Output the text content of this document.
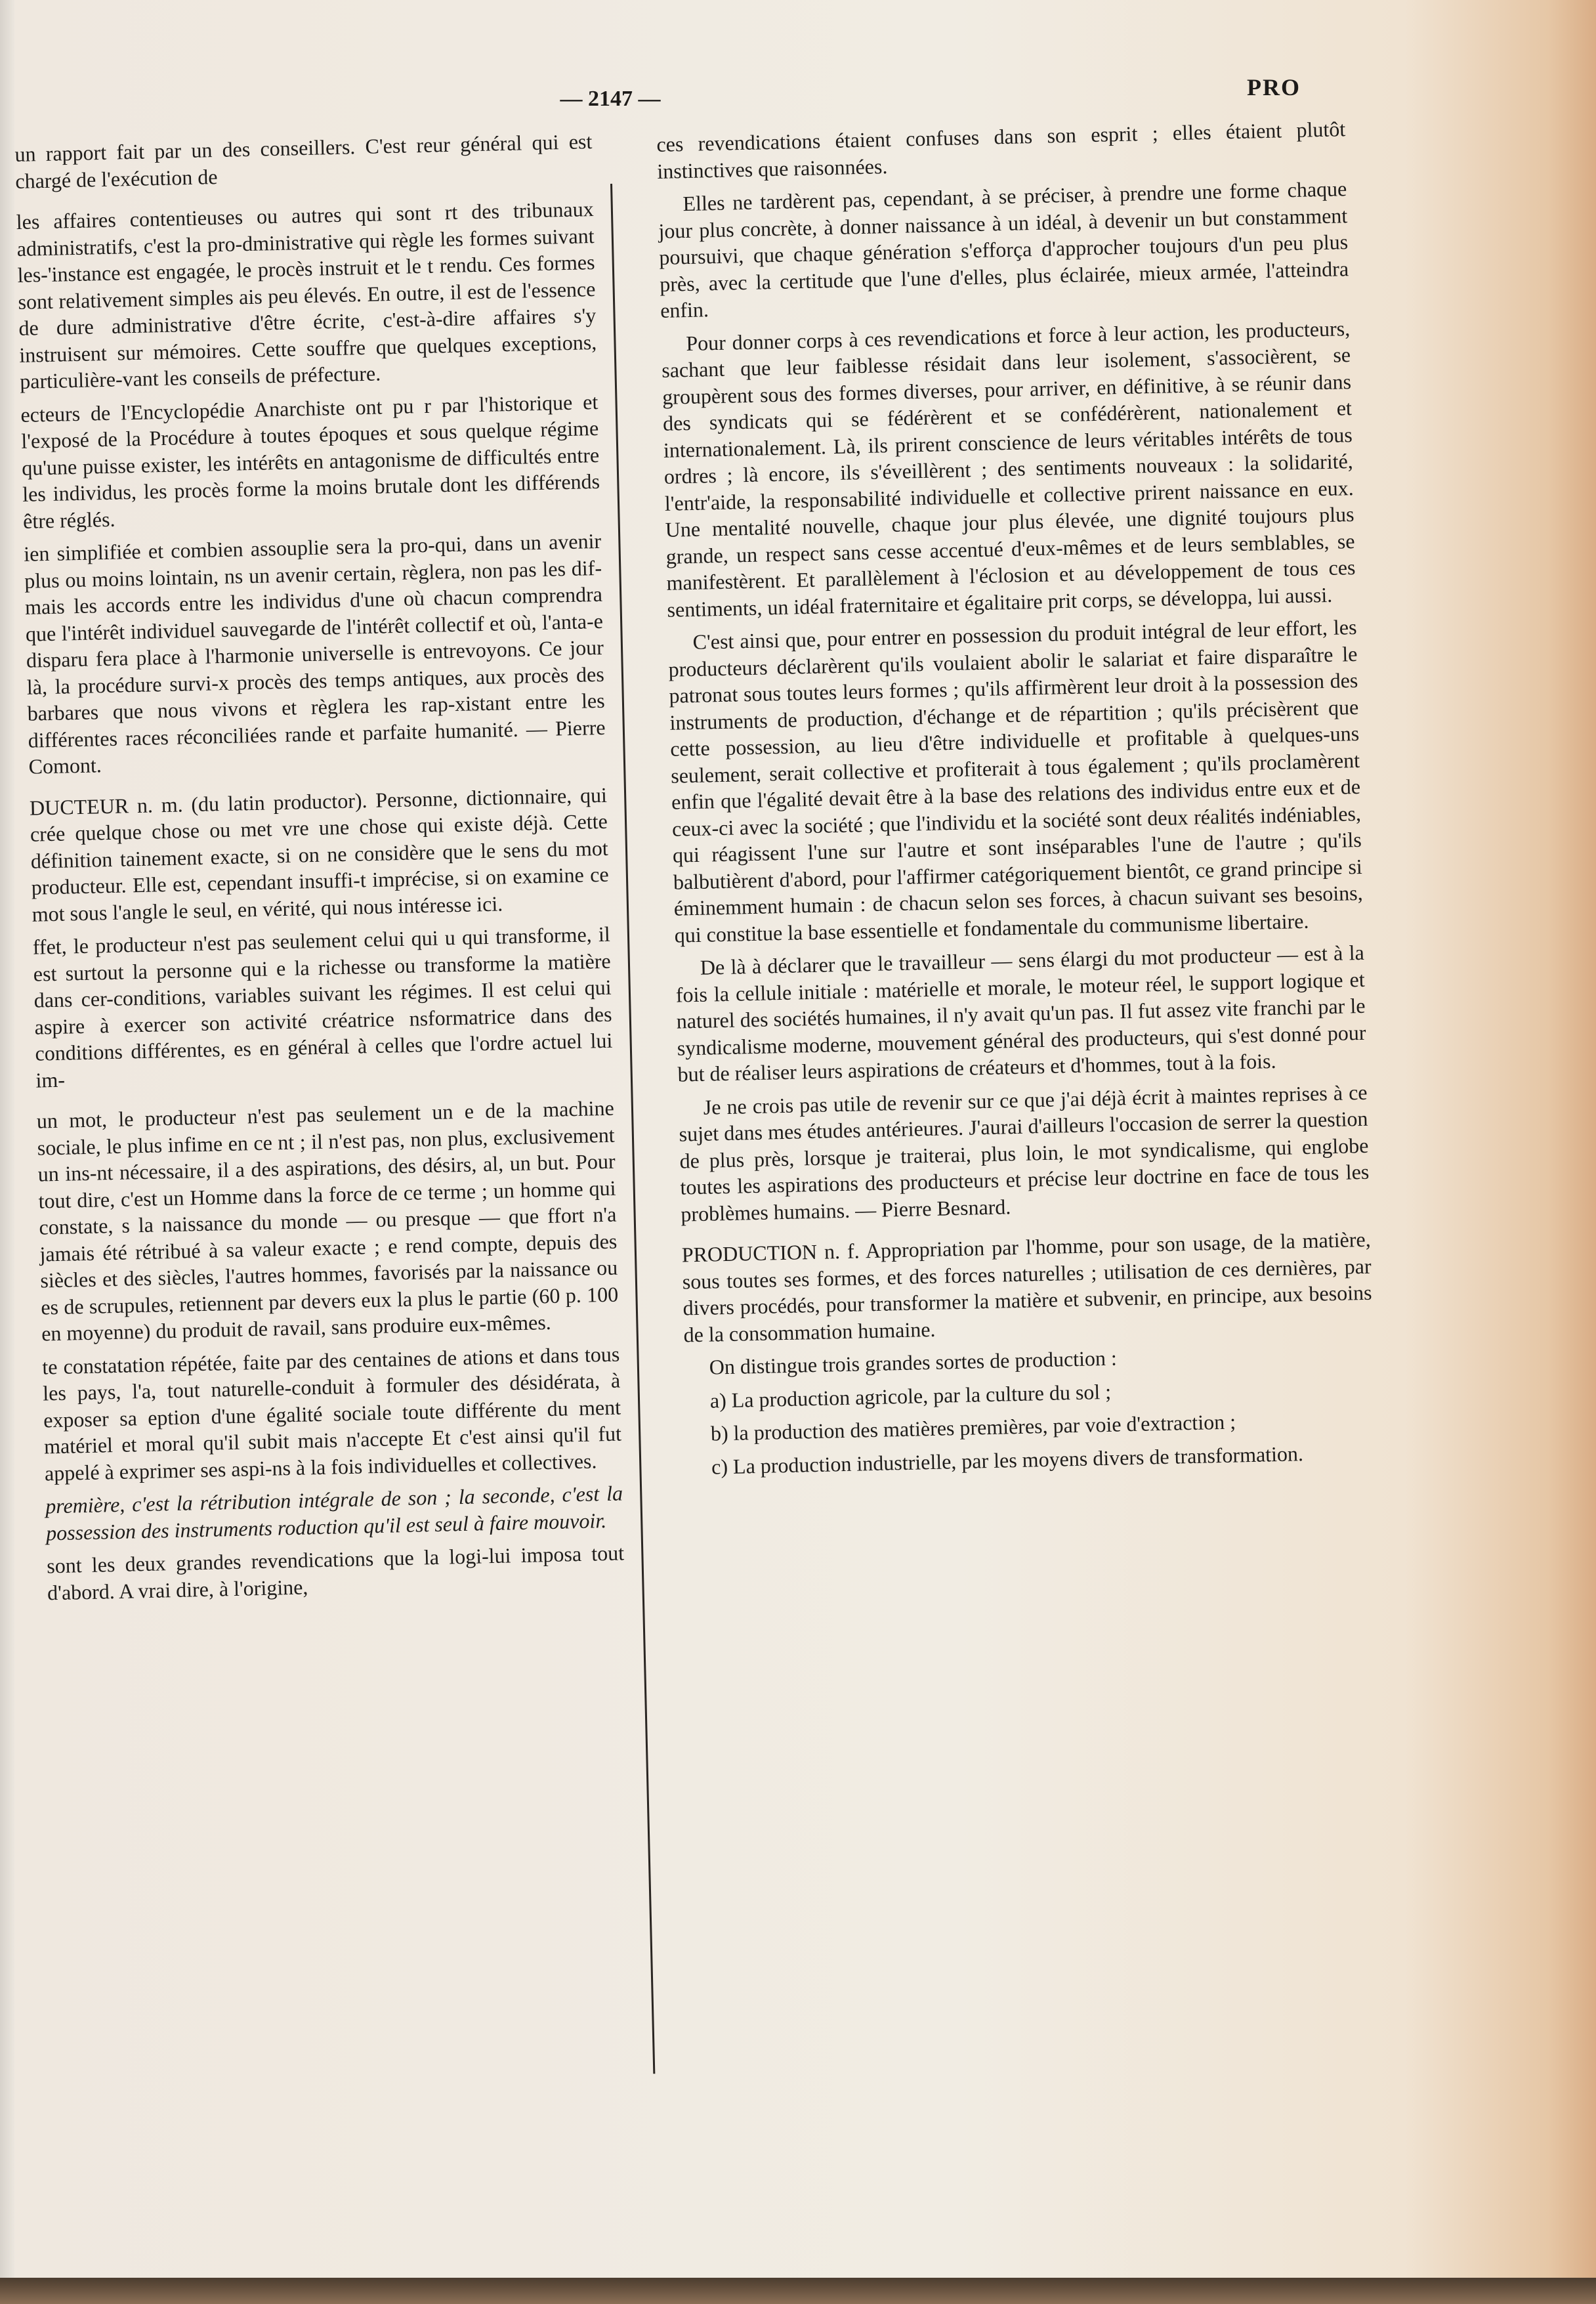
— 2147 —	PRO

un rapport fait par un des conseillers. C'est reur général qui est chargé de l'exécution de

les affaires contentieuses ou autres qui sont rt des tribunaux administratifs, c'est la pro-dministrative qui règle les formes suivant les-'instance est engagée, le procès instruit et le t rendu. Ces formes sont relativement simples ais peu élevés. En outre, il est de l'essence de dure administrative d'être écrite, c'est-à-dire affaires s'y instruisent sur mémoires. Cette souffre que quelques exceptions, particulière-vant les conseils de préfecture.

ecteurs de l'Encyclopédie Anarchiste ont pu r par l'historique et l'exposé de la Procédure à toutes époques et sous quelque régime qu'une puisse exister, les intérêts en antagonisme de difficultés entre les individus, les procès forme la moins brutale dont les différends être réglés.

ien simplifiée et combien assouplie sera la pro-qui, dans un avenir plus ou moins lointain, ns un avenir certain, règlera, non pas les dif-mais les accords entre les individus d'une où chacun comprendra que l'intérêt individuel sauvegarde de l'intérêt collectif et où, l'anta-e disparu fera place à l'harmonie universelle is entrevoyons. Ce jour là, la procédure survi-x procès des temps antiques, aux procès des barbares que nous vivons et règlera les rap-xistant entre les différentes races réconciliées rande et parfaite humanité. — Pierre Comont.

DUCTEUR n. m. (du latin productor). Personne, dictionnaire, qui crée quelque chose ou met vre une chose qui existe déjà. Cette définition tainement exacte, si on ne considère que le sens du mot producteur. Elle est, cependant insuffi-t imprécise, si on examine ce mot sous l'angle le seul, en vérité, qui nous intéresse ici.

ffet, le producteur n'est pas seulement celui qui u qui transforme, il est surtout la personne qui e la richesse ou transforme la matière dans cer-conditions, variables suivant les régimes. Il est celui qui aspire à exercer son activité créatrice nsformatrice dans des conditions différentes, es en général à celles que l'ordre actuel lui im-

un mot, le producteur n'est pas seulement un e de la machine sociale, le plus infime en ce nt ; il n'est pas, non plus, exclusivement un ins-nt nécessaire, il a des aspirations, des désirs, al, un but. Pour tout dire, c'est un Homme dans la force de ce terme ; un homme qui constate, s la naissance du monde — ou presque — que ffort n'a jamais été rétribué à sa valeur exacte ; e rend compte, depuis des siècles et des siècles, l'autres hommes, favorisés par la naissance ou es de scrupules, retiennent par devers eux la plus le partie (60 p. 100 en moyenne) du produit de ravail, sans produire eux-mêmes.

te constatation répétée, faite par des centaines de ations et dans tous les pays, l'a, tout naturelle-conduit à formuler des désidérata, à exposer sa eption d'une égalité sociale toute différente du ment matériel et moral qu'il subit mais n'accepte Et c'est ainsi qu'il fut appelé à exprimer ses aspi-ns à la fois individuelles et collectives.

première, c'est la rétribution intégrale de son ; la seconde, c'est la possession des instruments roduction qu'il est seul à faire mouvoir.

sont les deux grandes revendications que la logi-lui imposa tout d'abord. A vrai dire, à l'origine,

ces revendications étaient confuses dans son esprit ; elles étaient plutôt instinctives que raisonnées.

Elles ne tardèrent pas, cependant, à se préciser, à prendre une forme chaque jour plus concrète, à donner naissance à un idéal, à devenir un but constamment poursuivi, que chaque génération s'efforça d'approcher toujours d'un peu plus près, avec la certitude que l'une d'elles, plus éclairée, mieux armée, l'atteindra enfin.

Pour donner corps à ces revendications et force à leur action, les producteurs, sachant que leur faiblesse résidait dans leur isolement, s'associèrent, se groupèrent sous des formes diverses, pour arriver, en définitive, à se réunir dans des syndicats qui se fédérèrent et se confédérèrent, nationalement et internationalement. Là, ils prirent conscience de leurs véritables intérêts de tous ordres ; là encore, ils s'éveillèrent ; des sentiments nouveaux : la solidarité, l'entr'aide, la responsabilité individuelle et collective prirent naissance en eux. Une mentalité nouvelle, chaque jour plus élevée, une dignité toujours plus grande, un respect sans cesse accentué d'eux-mêmes et de leurs semblables, se manifestèrent. Et parallèlement à l'éclosion et au développement de tous ces sentiments, un idéal fraternitaire et égalitaire prit corps, se développa, lui aussi.

C'est ainsi que, pour entrer en possession du produit intégral de leur effort, les producteurs déclarèrent qu'ils voulaient abolir le salariat et faire disparaître le patronat sous toutes leurs formes ; qu'ils affirmèrent leur droit à la possession des instruments de production, d'échange et de répartition ; qu'ils précisèrent que cette possession, au lieu d'être individuelle et profitable à quelques-uns seulement, serait collective et profiterait à tous également ; qu'ils proclamèrent enfin que l'égalité devait être à la base des relations des individus entre eux et de ceux-ci avec la société ; que l'individu et la société sont deux réalités indéniables, qui réagissent l'une sur l'autre et sont inséparables l'une de l'autre ; qu'ils balbutièrent d'abord, pour l'affirmer catégoriquement bientôt, ce grand principe si éminemment humain : de chacun selon ses forces, à chacun suivant ses besoins, qui constitue la base essentielle et fondamentale du communisme libertaire.

De là à déclarer que le travailleur — sens élargi du mot producteur — est à la fois la cellule initiale : matérielle et morale, le moteur réel, le support logique et naturel des sociétés humaines, il n'y avait qu'un pas. Il fut assez vite franchi par le syndicalisme moderne, mouvement général des producteurs, qui s'est donné pour but de réaliser leurs aspirations de créateurs et d'hommes, tout à la fois.

Je ne crois pas utile de revenir sur ce que j'ai déjà écrit à maintes reprises à ce sujet dans mes études antérieures. J'aurai d'ailleurs l'occasion de serrer la question de plus près, lorsque je traiterai, plus loin, le mot syndicalisme, qui englobe toutes les aspirations des producteurs et précise leur doctrine en face de tous les problèmes humains. — Pierre Besnard.

PRODUCTION n. f. Appropriation par l'homme, pour son usage, de la matière, sous toutes ses formes, et des forces naturelles ; utilisation de ces dernières, par divers procédés, pour transformer la matière et subvenir, en principe, aux besoins de la consommation humaine.

On distingue trois grandes sortes de production :

a) La production agricole, par la culture du sol ;

b) la production des matières premières, par voie d'extraction ;

c) La production industrielle, par les moyens divers de transformation.
